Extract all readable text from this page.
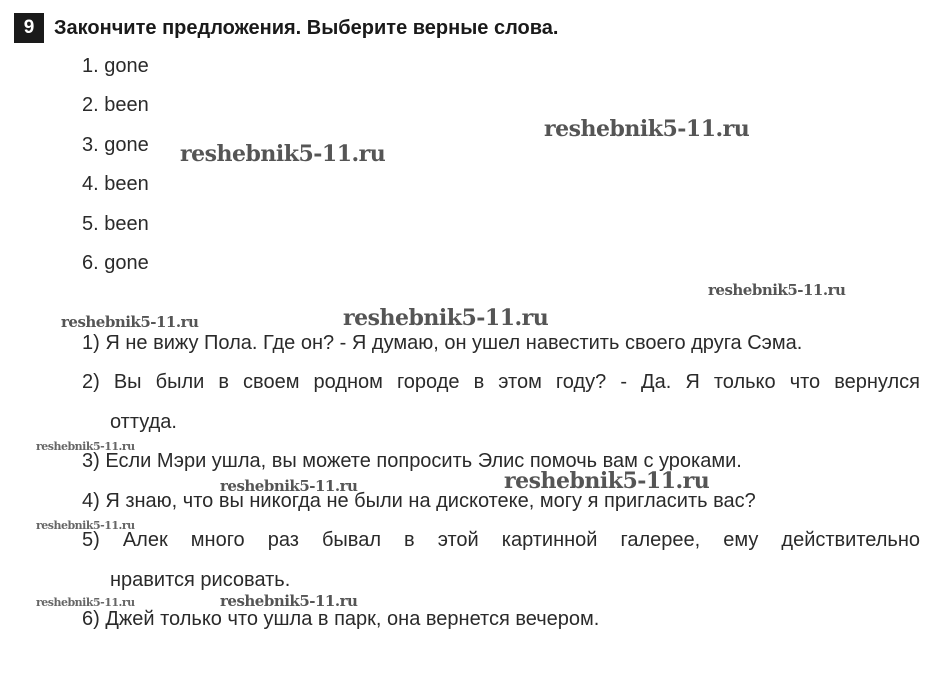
9 Закончите предложения. Выберите верные слова.
1. gone
2. been
3. gone
4. been
5. been
6. gone
1) Я не вижу Пола. Где он? - Я думаю, он ушел навестить своего друга Сэма.
2) Вы были в своем родном городе в этом году? - Да. Я только что вернулся
оттуда.
3) Если Мэри ушла, вы можете попросить Элис помочь вам с уроками.
4) Я знаю, что вы никогда не были на дискотеке, могу я пригласить вас?
5) Алек много раз бывал в этой картинной галерее, ему действительно
нравится рисовать.
6) Джей только что ушла в парк, она вернется вечером.
reshebnik5-11.ru
reshebnik5-11.ru
reshebnik5-11.ru
reshebnik5-11.ru	reshebnik5-11.ru
reshebnik5-11.ru
reshebnik5-11.ru	reshebnik5-11.ru
reshebnik5-11.ru
reshebnik5-11.ru	reshebnik5-11.ru
